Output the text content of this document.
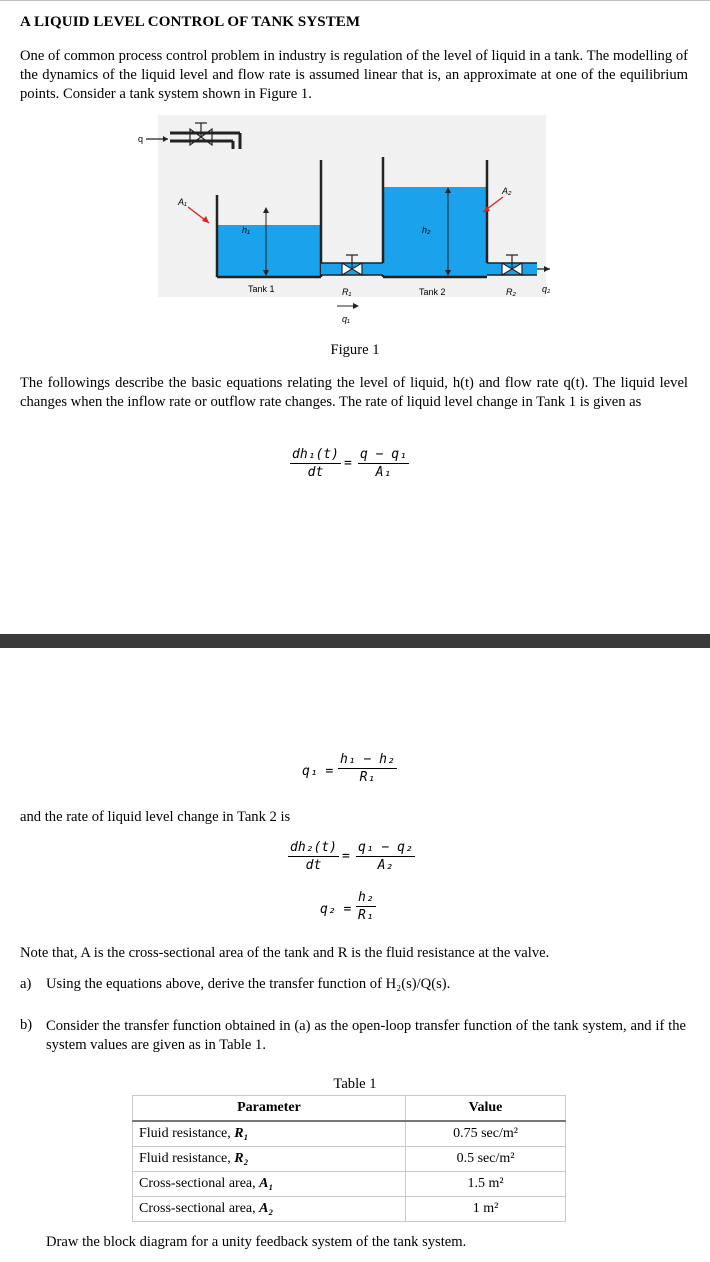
A LIQUID LEVEL CONTROL OF TANK SYSTEM
One of common process control problem in industry is regulation of the level of liquid in a tank. The modelling of the dynamics of the liquid level and flow rate is assumed linear that is, an approximate at one of the equilibrium points. Consider a tank system shown in Figure 1.
q
A₁
h₁	h₂
A₂
Tank 1	R₁	Tank 2	R₂	q₂
q₁
Figure 1
The followings describe the basic equations relating the level of liquid, h(t) and flow rate q(t). The liquid level changes when the inflow rate or outflow rate changes. The rate of liquid level change in Tank 1 is given as
$\frac{\text{dh₁(t)}}{dt} = \frac{\text{q − q₁}}{\text{A₁}}$
$q_1 = \frac{\text{h₁ − h₂}}{\text{R₁}}$
and the rate of liquid level change in Tank 2 is
$\frac{\text{dh₂(t)}}{dt} = \frac{\text{q₁ − q₂}}{\text{A₂}}$
$q_2 = \frac{\text{h₂}}{\text{R₁}}$
Note that, A is the cross-sectional area of the tank and R is the fluid resistance at the valve.
a) Using the equations above, derive the transfer function of H₂(s)/Q(s).
b) Consider the transfer function obtained in (a) as the open-loop transfer function of the tank system, and if the system values are given as in Table 1.
Table 1
Parameter	Value
Fluid resistance, R₁	0.75 sec/m²
Fluid resistance, R₂	0.5 sec/m²
Cross-sectional area, A₁	1.5 m²
Cross-sectional area, A₂	1 m²
Draw the block diagram for a unity feedback system of the tank system.
